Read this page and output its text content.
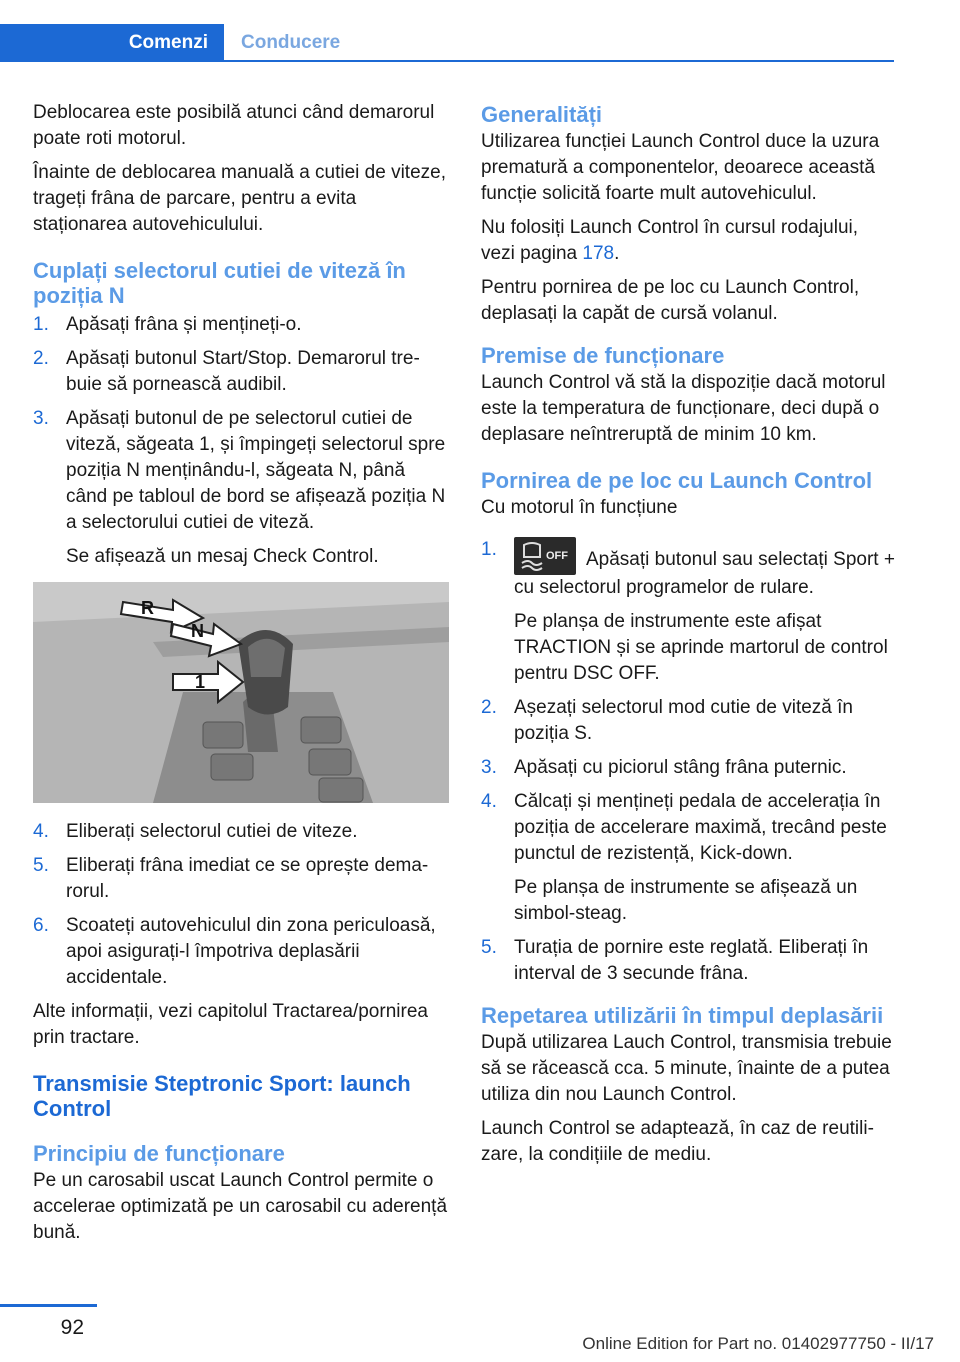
Comenzi	Conducere

Deblocarea este posibilă atunci când demarorul poate roti motorul.

Înainte de deblocarea manuală a cutiei de viteze, trageți frâna de parcare, pentru a evita staționarea autovehiculului.

Cuplați selectorul cutiei de viteză în poziția N
1. Apăsați frâna și mențineți-o.
2. Apăsați butonul Start/Stop. Demarorul trebuie să pornească audibil.
3. Apăsați butonul de pe selectorul cutiei de viteză, săgeata 1, și împingeți selectorul spre poziția N menținându-l, săgeata N, până când pe tabloul de bord se afișează poziția N a selectorului cutiei de viteză.
Se afișează un mesaj Check Control.
R
N
1
4. Eliberați selectorul cutiei de viteze.
5. Eliberați frâna imediat ce se oprește demarorul.
6. Scoateți autovehiculul din zona periculoasă, apoi asigurați-l împotriva deplasării accidentale.

Alte informații, vezi capitolul Tractarea/pornirea prin tractare.

Transmisie Steptronic Sport: launch Control
Principiu de funcționare

Pe un carosabil uscat Launch Control permite o accelerae optimizată pe un carosabil cu aderență bună.

Generalități

Utilizarea funcției Launch Control duce la uzura prematură a componentelor, deoarece această funcție solicită foarte mult autovehiculul.

Nu folosiți Launch Control în cursul rodajului, vezi pagina 178.

Pentru pornirea de pe loc cu Launch Control, deplasați la capăt de cursă volanul.

Premise de funcționare

Launch Control vă stă la dispoziție dacă motorul este la temperatura de funcționare, deci după o deplasare neîntreruptă de minim 10 km.

Pornirea de pe loc cu Launch Control

Cu motorul în funcțiune

1.	OFF Apăsați butonul sau selectați Sport + cu selectorul programelor de rulare.
Pe planșa de instrumente este afișat TRACTION și se aprinde martorul de control pentru DSC OFF.
2. Așezați selectorul mod cutie de viteză în poziția S.
3. Apăsați cu piciorul stâng frâna puternic.
4. Călcați și mențineți pedala de accelerația în poziția de accelerare maximă, trecând peste punctul de rezistență, Kick-down.
Pe planșa de instrumente se afișează un simbol-steag.
5. Turația de pornire este reglată. Eliberați în interval de 3 secunde frâna.
Repetarea utilizării în timpul deplasării

După utilizarea Lauch Control, transmisia trebuie să se răcească cca. 5 minute, înainte de a putea utiliza din nou Launch Control.

Launch Control se adaptează, în caz de reutilizare, la condițiile de mediu.

92
Online Edition for Part no. 01402977750 - II/17
